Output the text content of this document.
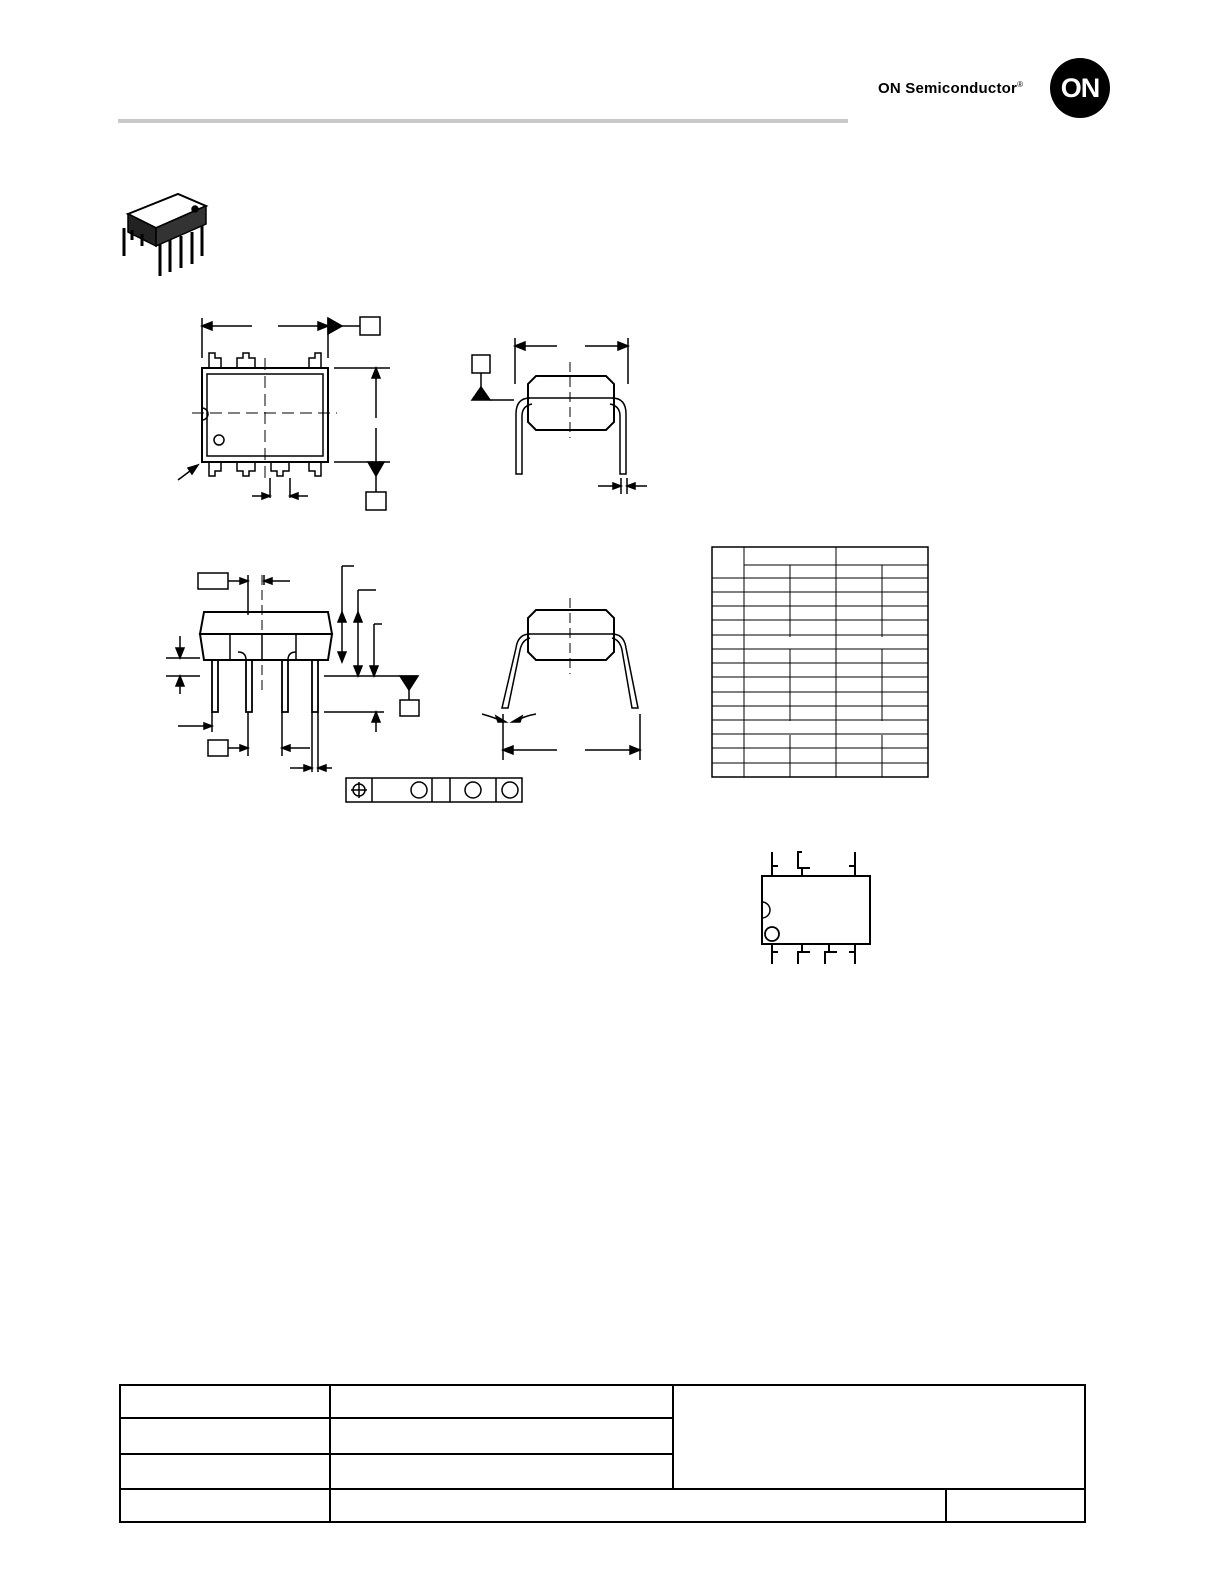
ON Semiconductor®	ON
